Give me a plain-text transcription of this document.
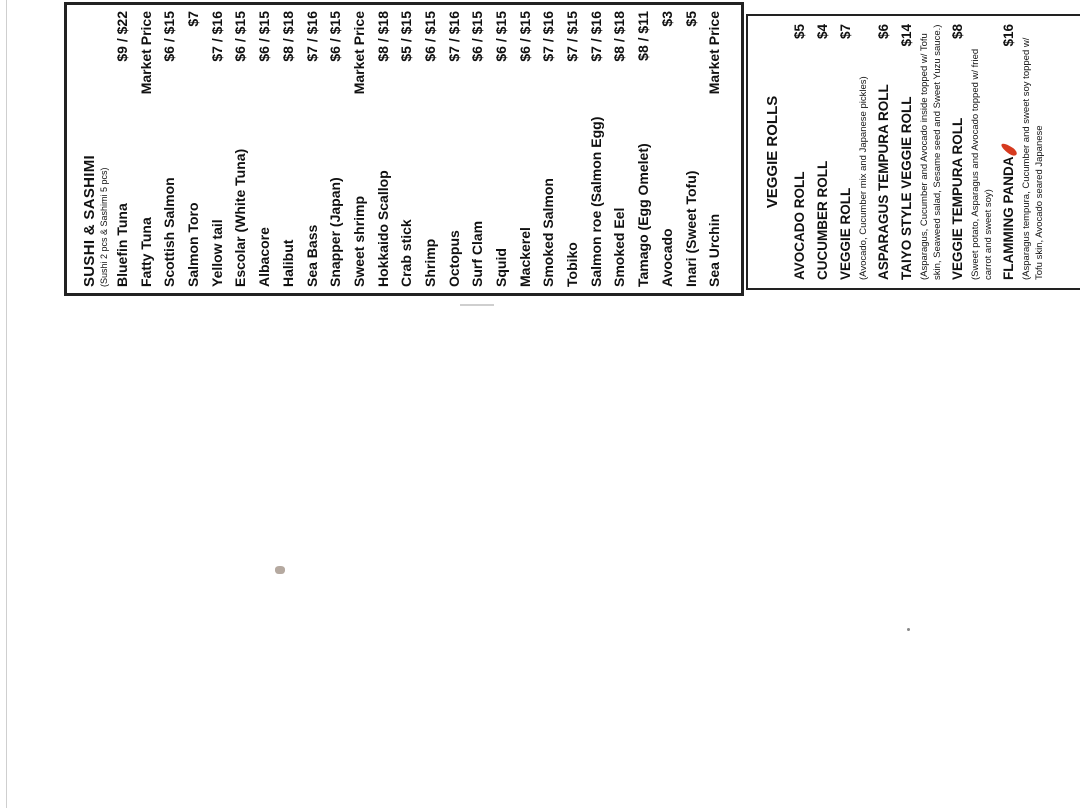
SUSHI & SASHIMI (Sushi 2 pcs & Sashimi 5 pcs) Bluefin Tuna
$9 / $22
Fatty Tuna
Market Price
Scottish Salmon
$6 / $15
Salmon Toro
$7
Yellow tail
$7 / $16
Escolar (White Tuna)
$6 / $15
Albacore
$6 / $15
Halibut
$8 / $18
Sea Bass
$7 / $16
Snapper (Japan)
$6 / $15
Sweet shrimp
Market Price
Hokkaido Scallop
$8 / $18
Crab stick
$5 / $15
Shrimp
$6 / $15
Octopus
$7 / $16
Surf Clam
$6 / $15
Squid
$6 / $15
Mackerel
$6 / $15
Smoked Salmon
$7 / $16
Tobiko
$7 / $15
Salmon roe (Salmon Egg)
$7 / $16
Smoked Eel
$8 / $18
Tamago (Egg Omelet)
$8 / $11
Avocado
$3
Inari (Sweet Tofu)
$5
Sea Urchin
Market Price
VEGGIE ROLLS
AVOCADO ROLL
$5
CUCUMBER ROLL
$4
VEGGIE ROLL
$7
(Avocado, Cucumber mix and Japanese pickles) ASPARAGUS TEMPURA ROLL
$6
TAIYO STYLE VEGGIE ROLL
$14 (Asparagus, Cucumber and Avocado inside topped w/ Tofu skin, Seaweed salad, Sesame seed and Sweet Yuzu sauce.) VEGGIE TEMPURA ROLL
$8
(Sweet potato, Asparagus and Avocado topped w/ fried carrot and sweet soy) FLAMMING PANDA
$16
(Asparagus tempura, Cucumber and sweet soy topped w/ Tofu skin, Avocado seared Japanese
